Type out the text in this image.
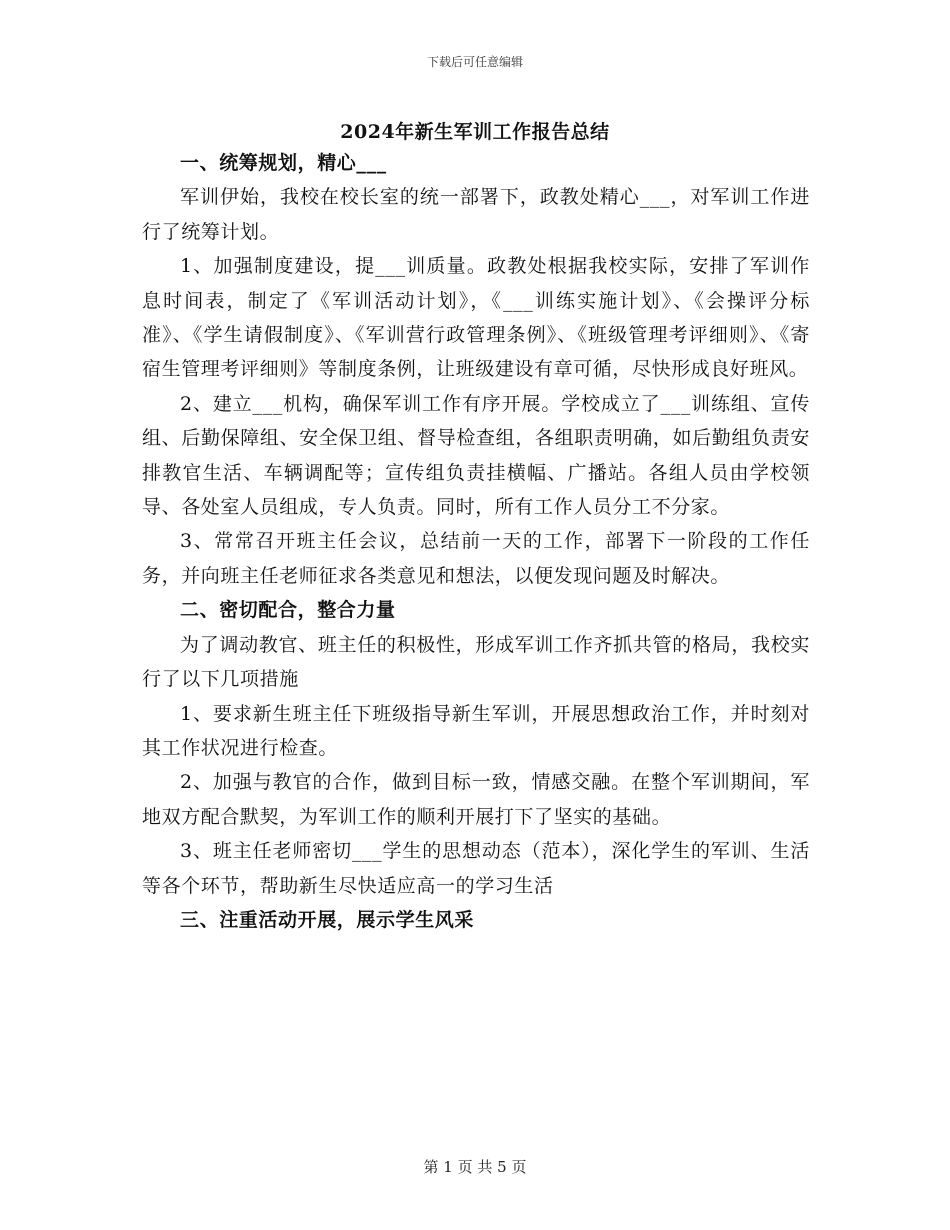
下载后可任意编辑
2024年新生军训工作报告总结

一、统筹规划，精心___

军训伊始，我校在校长室的统一部署下，政教处精心___，对军训工作进行了统筹计划。

1、加强制度建设，提___训质量。政教处根据我校实际，安排了军训作息时间表，制定了《军训活动计划》，《___训练实施计划》、《会操评分标准》、《学生请假制度》、《军训营行政管理条例》、《班级管理考评细则》、《寄宿生管理考评细则》等制度条例，让班级建设有章可循，尽快形成良好班风。

2、建立___机构，确保军训工作有序开展。学校成立了___训练组、宣传组、后勤保障组、安全保卫组、督导检查组，各组职责明确，如后勤组负责安排教官生活、车辆调配等；宣传组负责挂横幅、广播站。各组人员由学校领导、各处室人员组成，专人负责。同时，所有工作人员分工不分家。

3、常常召开班主任会议，总结前一天的工作，部署下一阶段的工作任务，并向班主任老师征求各类意见和想法，以便发现问题及时解决。

二、密切配合，整合力量

为了调动教官、班主任的积极性，形成军训工作齐抓共管的格局，我校实行了以下几项措施

1、要求新生班主任下班级指导新生军训，开展思想政治工作，并时刻对其工作状况进行检查。

2、加强与教官的合作，做到目标一致，情感交融。在整个军训期间，军地双方配合默契，为军训工作的顺利开展打下了坚实的基础。

3、班主任老师密切___学生的思想动态（范本），深化学生的军训、生活等各个环节，帮助新生尽快适应高一的学习生活

三、注重活动开展，展示学生风采

第 1 页 共 5 页
